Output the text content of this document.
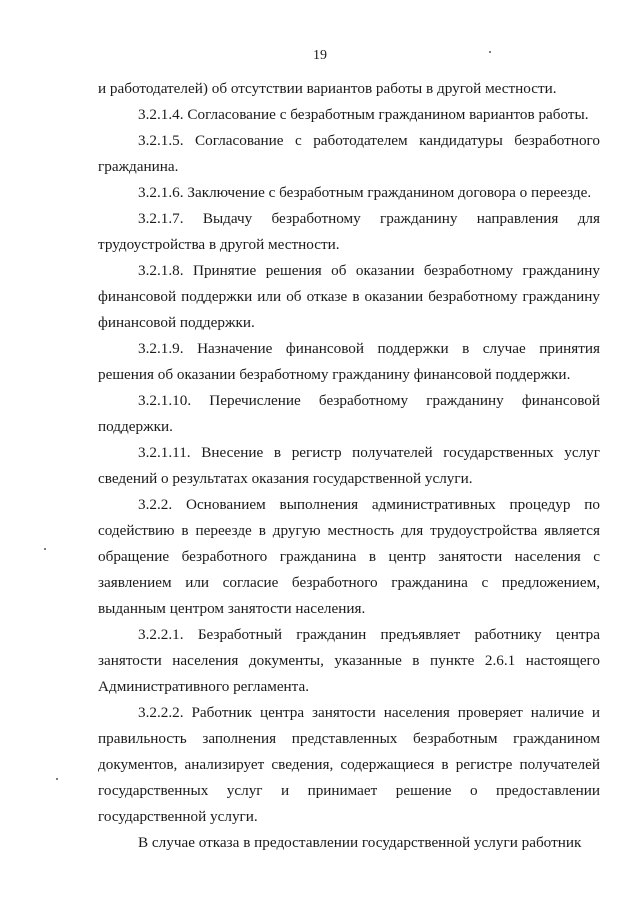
19

и работодателей) об отсутствии вариантов работы в другой местности.

3.2.1.4. Согласование с безработным гражданином вариантов работы.

3.2.1.5. Согласование с работодателем кандидатуры безработного гражданина.

3.2.1.6. Заключение с безработным гражданином договора о переезде.

3.2.1.7. Выдачу безработному гражданину направления для трудоустройства в другой местности.

3.2.1.8. Принятие решения об оказании безработному гражданину финансовой поддержки или об отказе в оказании безработному гражданину финансовой поддержки.

3.2.1.9. Назначение финансовой поддержки в случае принятия решения об оказании безработному гражданину финансовой поддержки.

3.2.1.10. Перечисление безработному гражданину финансовой поддержки.

3.2.1.11. Внесение в регистр получателей государственных услуг сведений о результатах оказания государственной услуги.

3.2.2. Основанием выполнения административных процедур по содействию в переезде в другую местность для трудоустройства является обращение безработного гражданина в центр занятости населения с заявлением или согласие безработного гражданина с предложением, выданным центром занятости населения.

3.2.2.1. Безработный гражданин предъявляет работнику центра занятости населения документы, указанные в пункте 2.6.1 настоящего Административного регламента.

3.2.2.2. Работник центра занятости населения проверяет наличие и правильность заполнения представленных безработным гражданином документов, анализирует сведения, содержащиеся в регистре получателей государственных услуг и принимает решение о предоставлении государственной услуги.

В случае отказа в предоставлении государственной услуги работник
